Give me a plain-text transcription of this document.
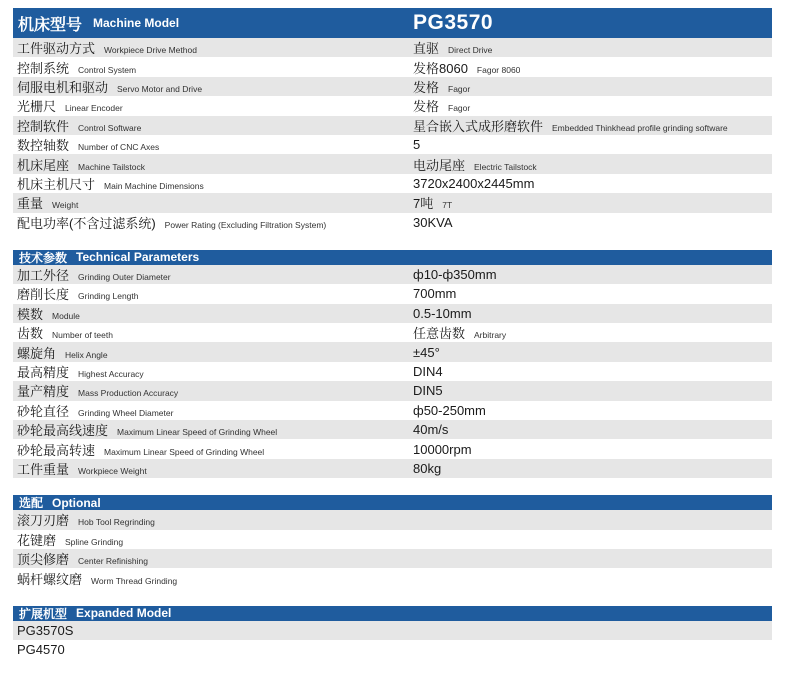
机床型号 Machine Model	PG3570
工件驱动方式 Workpiece Drive Method	直驱 Direct Drive
控制系统 Control System	发格8060 Fagor 8060
伺服电机和驱动 Servo Motor and Drive	发格 Fagor
光栅尺 Linear Encoder	发格 Fagor
控制软件 Control Software	星合嵌入式成形磨软件 Embedded Thinkhead profile grinding software
数控轴数 Number of CNC Axes	5
机床尾座 Machine Tailstock	电动尾座 Electric Tailstock
机床主机尺寸 Main Machine Dimensions	3720x2400x2445mm
重量 Weight	7吨 7T
配电功率(不含过滤系统) Power Rating (Excluding Filtration System)	30KVA
技术参数 Technical Parameters
加工外径 Grinding Outer Diameter	ф10-ф350mm
磨削长度 Grinding Length	700mm
模数 Module	0.5-10mm
齿数 Number of teeth	任意齿数 Arbitrary
螺旋角 Helix Angle	±45°
最高精度 Highest Accuracy	DIN4
量产精度 Mass Production Accuracy	DIN5
砂轮直径 Grinding Wheel Diameter	ф50-250mm
砂轮最高线速度 Maximum Linear Speed of Grinding Wheel	40m/s
砂轮最高转速 Maximum Linear Speed of Grinding Wheel	10000rpm
工件重量 Workpiece Weight	80kg
选配 Optional
滚刀刃磨 Hob Tool Regrinding
花键磨 Spline Grinding
顶尖修磨 Center Refinishing
蜗杆螺纹磨 Worm Thread Grinding
扩展机型 Expanded Model
PG3570S
PG4570
